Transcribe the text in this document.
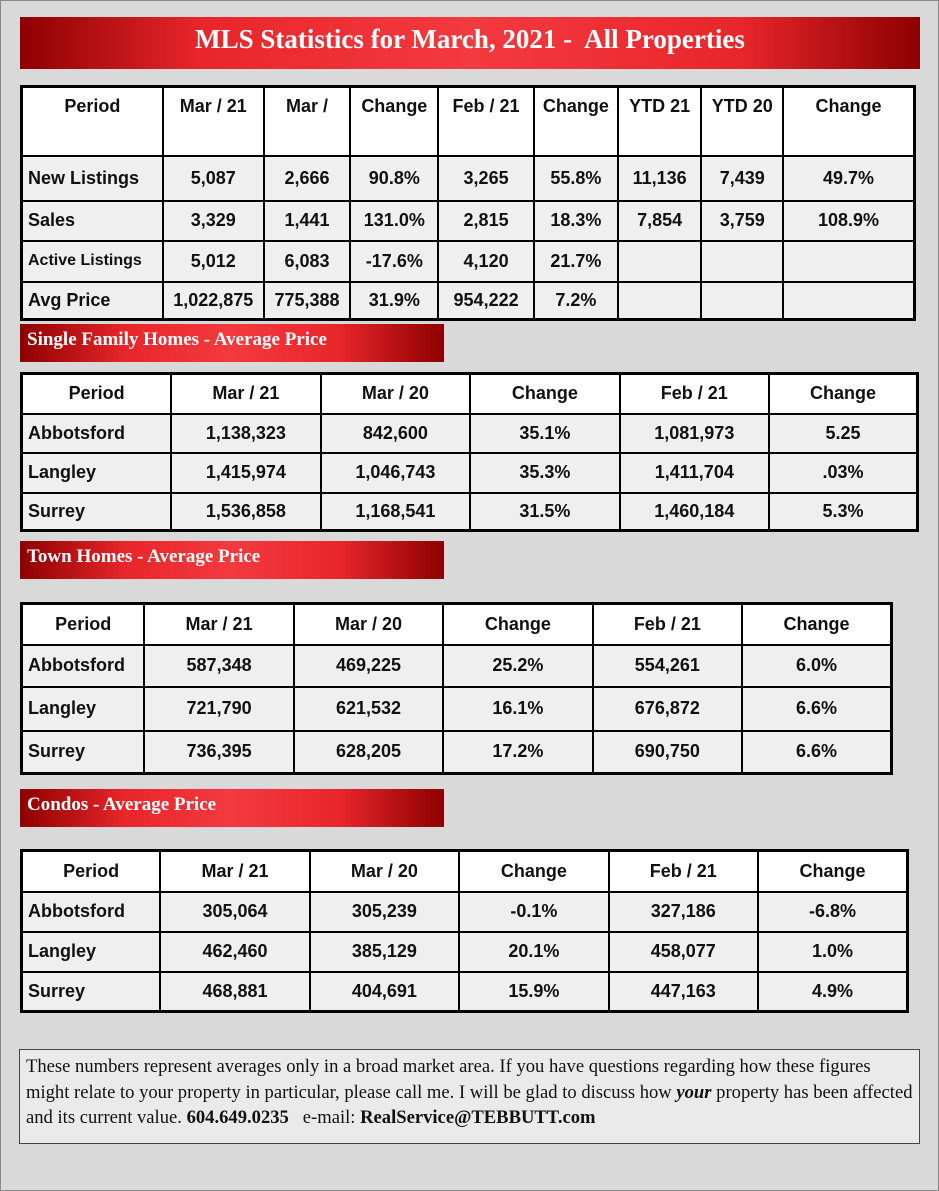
MLS Statistics for March, 2021 -  All Properties
Period	Mar / 21	Mar /	Change	Feb / 21	Change	YTD 21	YTD 20	Change
New Listings	5,087	2,666	90.8%	3,265	55.8%	11,136	7,439	49.7%
Sales	3,329	1,441	131.0%	2,815	18.3%	7,854	3,759	108.9%
Active Listings	5,012	6,083	-17.6%	4,120	21.7%			
Avg Price	1,022,875	775,388	31.9%	954,222	7.2%			
Single Family Homes - Average Price
Period	Mar / 21	Mar / 20	Change	Feb / 21	Change
Abbotsford	1,138,323	842,600	35.1%	1,081,973	5.25
Langley	1,415,974	1,046,743	35.3%	1,411,704	.03%
Surrey	1,536,858	1,168,541	31.5%	1,460,184	5.3%
Town Homes - Average Price
Period	Mar / 21	Mar / 20	Change	Feb / 21	Change
Abbotsford	587,348	469,225	25.2%	554,261	6.0%
Langley	721,790	621,532	16.1%	676,872	6.6%
Surrey	736,395	628,205	17.2%	690,750	6.6%
Condos - Average Price
Period	Mar / 21	Mar / 20	Change	Feb / 21	Change
Abbotsford	305,064	305,239	-0.1%	327,186	-6.8%
Langley	462,460	385,129	20.1%	458,077	1.0%
Surrey	468,881	404,691	15.9%	447,163	4.9%
These numbers represent averages only in a broad market area. If you have questions regarding how these figures might relate to your property in particular, please call me. I will be glad to discuss how your property has been affected and its current value. 604.649.0235   e-mail: RealService@TEBBUTT.com
